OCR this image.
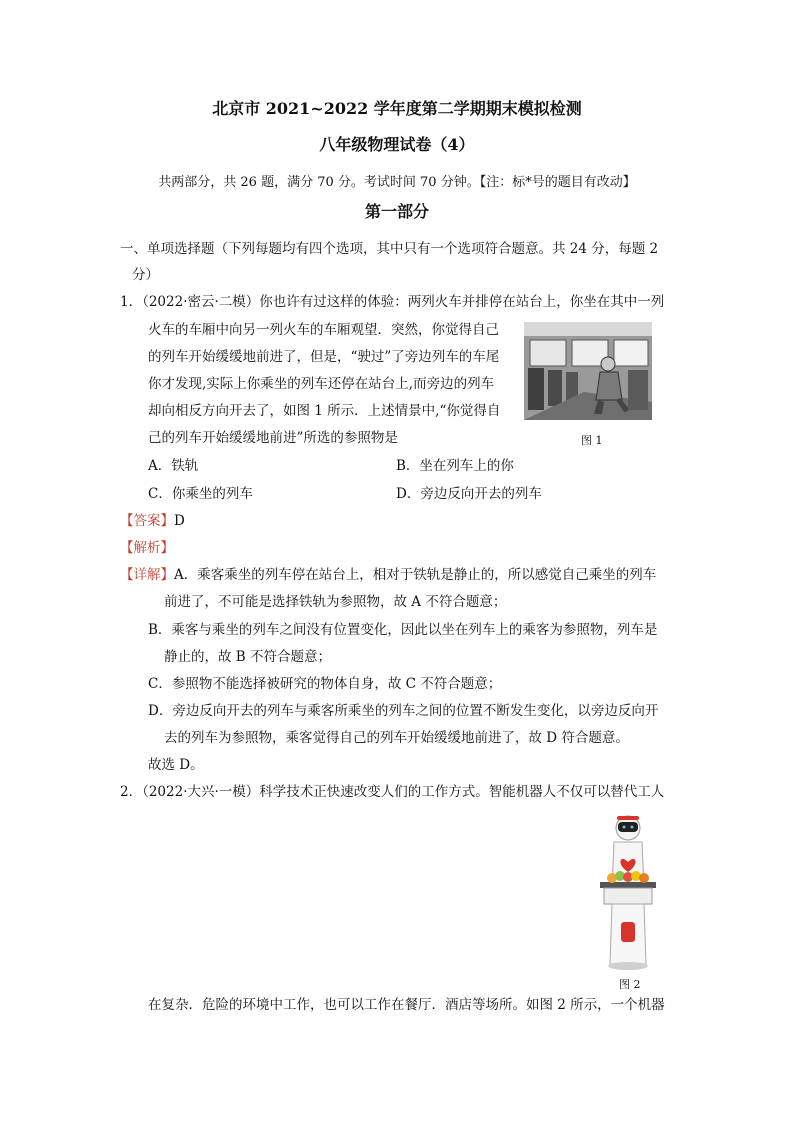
北京市 2021~2022 学年度第二学期期末模拟检测
八年级物理试卷（4）
共两部分，共 26 题，满分 70 分。考试时间 70 分钟。【注：标*号的题目有改动】
第一部分
一、单项选择题（下列每题均有四个选项，其中只有一个选项符合题意。共 24 分，每题 2
分）
1．（2022·密云·二模）你也许有过这样的体验：两列火车并排停在站台上，你坐在其中一列
火车的车厢中向另一列火车的车厢观望．突然，你觉得自己
的列车开始缓缓地前进了，但是，“驶过”了旁边列车的车尾
你才发现,实际上你乘坐的列车还停在站台上,而旁边的列车
却向相反方向开去了，如图 1 所示．上述情景中,“你觉得自
己的列车开始缓缓地前进”所选的参照物是	图 1
A．铁轨	B．坐在列车上的你
C．你乘坐的列车	D．旁边反向开去的列车
【答案】D
【解析】
【详解】A．乘客乘坐的列车停在站台上，相对于铁轨是静止的，所以感觉自己乘坐的列车
前进了，不可能是选择铁轨为参照物，故 A 不符合题意；
B．乘客与乘坐的列车之间没有位置变化，因此以坐在列车上的乘客为参照物，列车是
静止的，故 B 不符合题意；
C．参照物不能选择被研究的物体自身，故 C 不符合题意；
D．旁边反向开去的列车与乘客所乘坐的列车之间的位置不断发生变化，以旁边反向开
去的列车为参照物，乘客觉得自己的列车开始缓缓地前进了，故 D 符合题意。
故选 D。
2．（2022·大兴·一模）科学技术正快速改变人们的工作方式。智能机器人不仅可以替代工人
图 2
在复杂．危险的环境中工作，也可以工作在餐厅．酒店等场所。如图 2 所示，一个机器
